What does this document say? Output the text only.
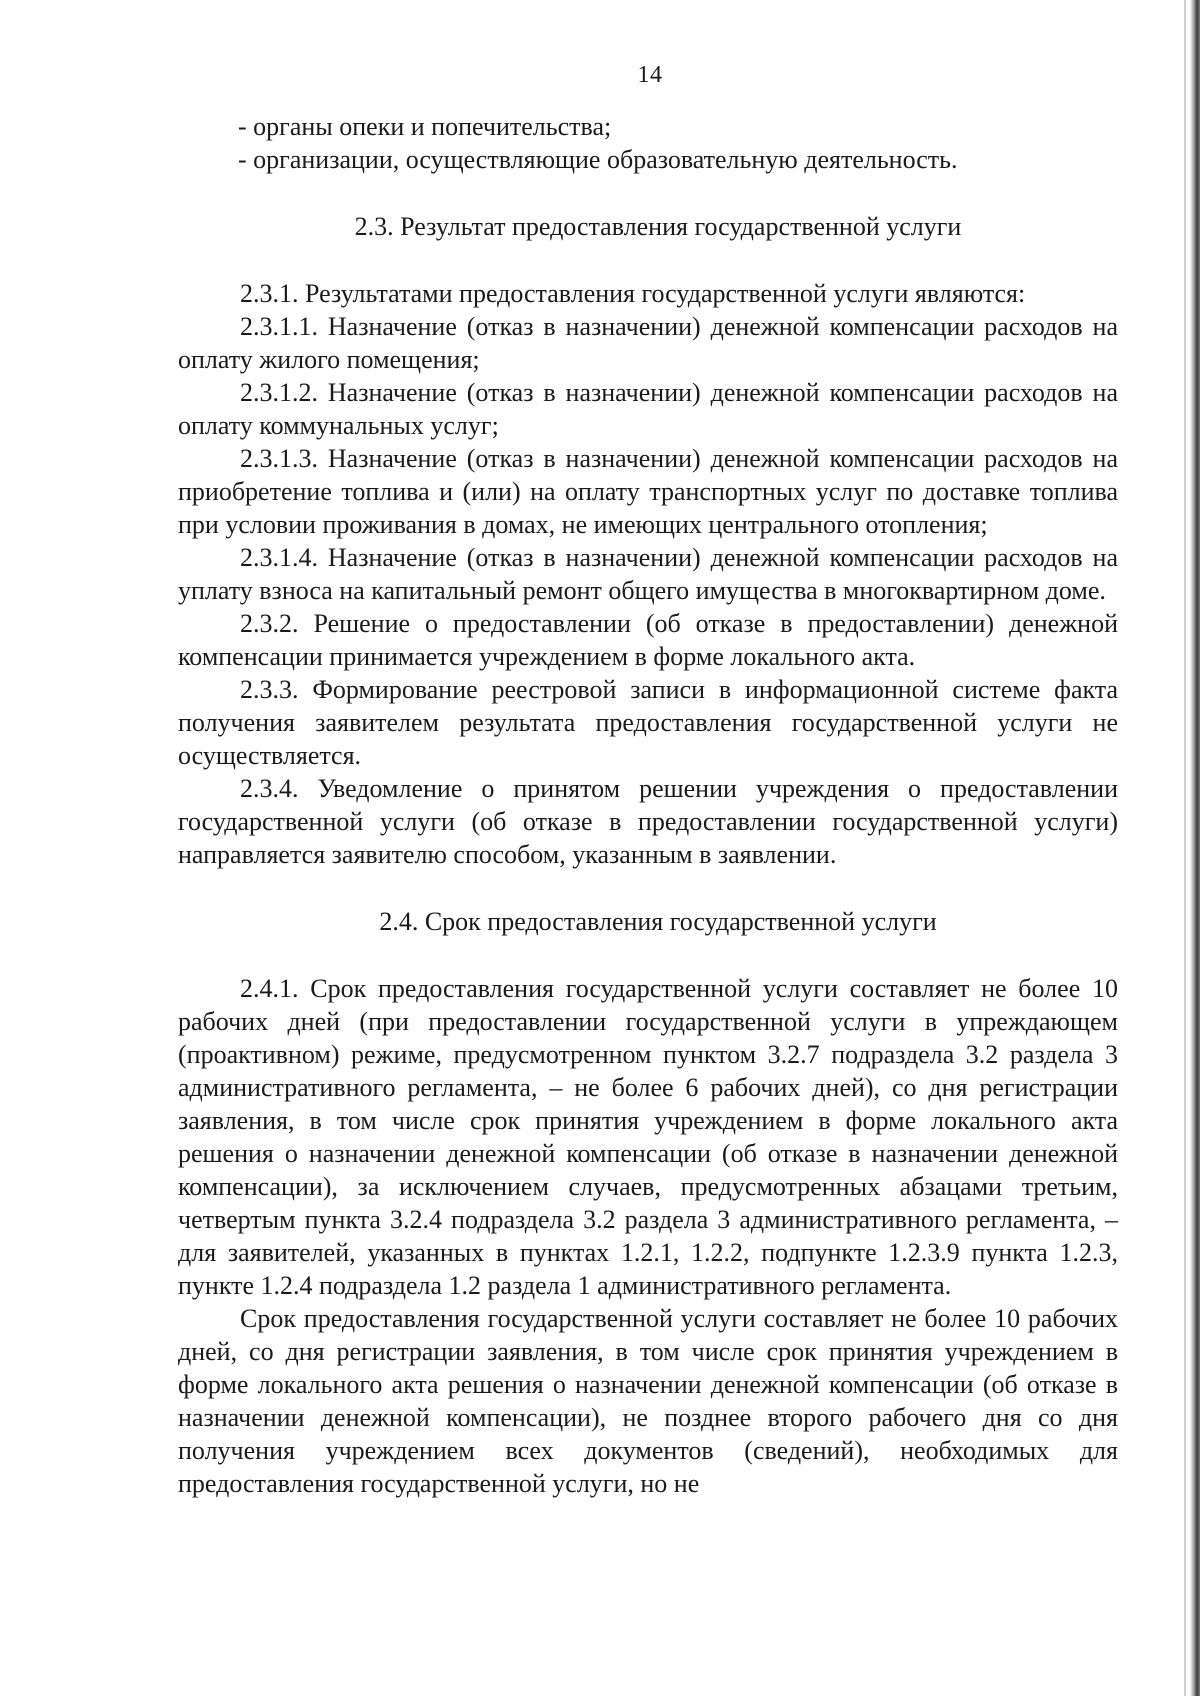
14

- органы опеки и попечительства;

- организации, осуществляющие образовательную деятельность.

2.3. Результат предоставления государственной услуги

2.3.1. Результатами предоставления государственной услуги являются:

2.3.1.1. Назначение (отказ в назначении) денежной компенсации расходов на оплату жилого помещения;

2.3.1.2. Назначение (отказ в назначении) денежной компенсации расходов на оплату коммунальных услуг;

2.3.1.3. Назначение (отказ в назначении) денежной компенсации расходов на приобретение топлива и (или) на оплату транспортных услуг по доставке топлива при условии проживания в домах, не имеющих центрального отопления;

2.3.1.4. Назначение (отказ в назначении) денежной компенсации расходов на уплату взноса на капитальный ремонт общего имущества в многоквартирном доме.

2.3.2. Решение о предоставлении (об отказе в предоставлении) денежной компенсации принимается учреждением в форме локального акта.

2.3.3. Формирование реестровой записи в информационной системе факта получения заявителем результата предоставления государственной услуги не осуществляется.

2.3.4. Уведомление о принятом решении учреждения о предоставлении государственной услуги (об отказе в предоставлении государственной услуги) направляется заявителю способом, указанным в заявлении.

2.4. Срок предоставления государственной услуги

2.4.1. Срок предоставления государственной услуги составляет не более 10 рабочих дней (при предоставлении государственной услуги в упреждающем (проактивном) режиме, предусмотренном пунктом 3.2.7 подраздела 3.2 раздела 3 административного регламента, – не более 6 рабочих дней), со дня регистрации заявления, в том числе срок принятия учреждением в форме локального акта решения о назначении денежной компенсации (об отказе в назначении денежной компенсации), за исключением случаев, предусмотренных абзацами третьим, четвертым пункта 3.2.4 подраздела 3.2 раздела 3 административного регламента, – для заявителей, указанных в пунктах 1.2.1, 1.2.2, подпункте 1.2.3.9 пункта 1.2.3, пункте 1.2.4 подраздела 1.2 раздела 1 административного регламента.

Срок предоставления государственной услуги составляет не более 10 рабочих дней, со дня регистрации заявления, в том числе срок принятия учреждением в форме локального акта решения о назначении денежной компенсации (об отказе в назначении денежной компенсации), не позднее второго рабочего дня со дня получения учреждением всех документов (сведений), необходимых для предоставления государственной услуги, но не
